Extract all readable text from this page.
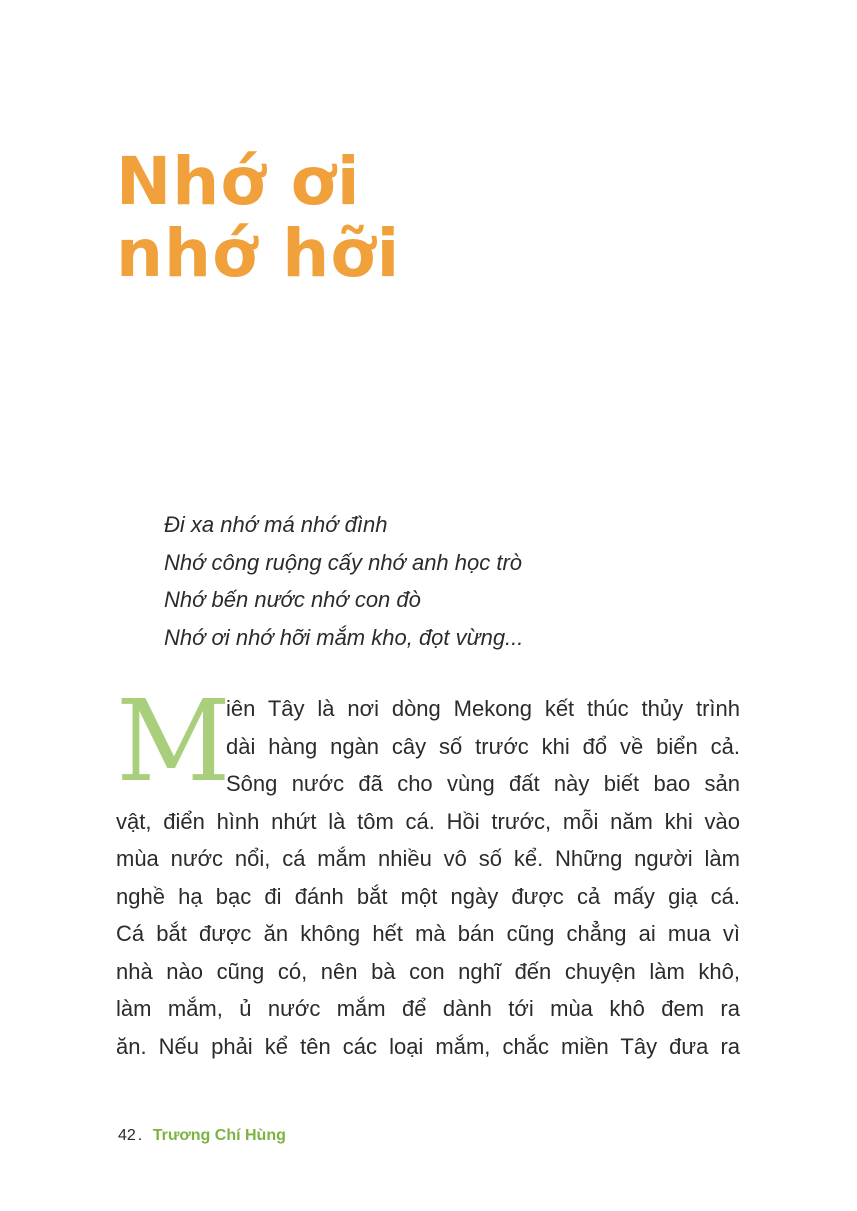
Nhớ ơi
nhớ hỡi
Đi xa nhớ má nhớ đình
Nhớ công ruộng cấy nhớ anh học trò
Nhớ bến nước nhớ con đò
Nhớ ơi nhớ hỡi mắm kho, đọt vừng...
M
iên Tây là nơi dòng Mekong kết thúc thủy trình
dài hàng ngàn cây số trước khi đổ về biển cả.
Sông nước đã cho vùng đất này biết bao sản
vật, điển hình nhứt là tôm cá. Hồi trước, mỗi năm khi vào
mùa nước nổi, cá mắm nhiều vô số kể. Những người làm
nghề hạ bạc đi đánh bắt một ngày được cả mấy giạ cá.
Cá bắt được ăn không hết mà bán cũng chẳng ai mua vì
nhà nào cũng có, nên bà con nghĩ đến chuyện làm khô,
làm mắm, ủ nước mắm để dành tới mùa khô đem ra
ăn. Nếu phải kể tên các loại mắm, chắc miền Tây đưa ra
42 . Trương Chí Hùng
